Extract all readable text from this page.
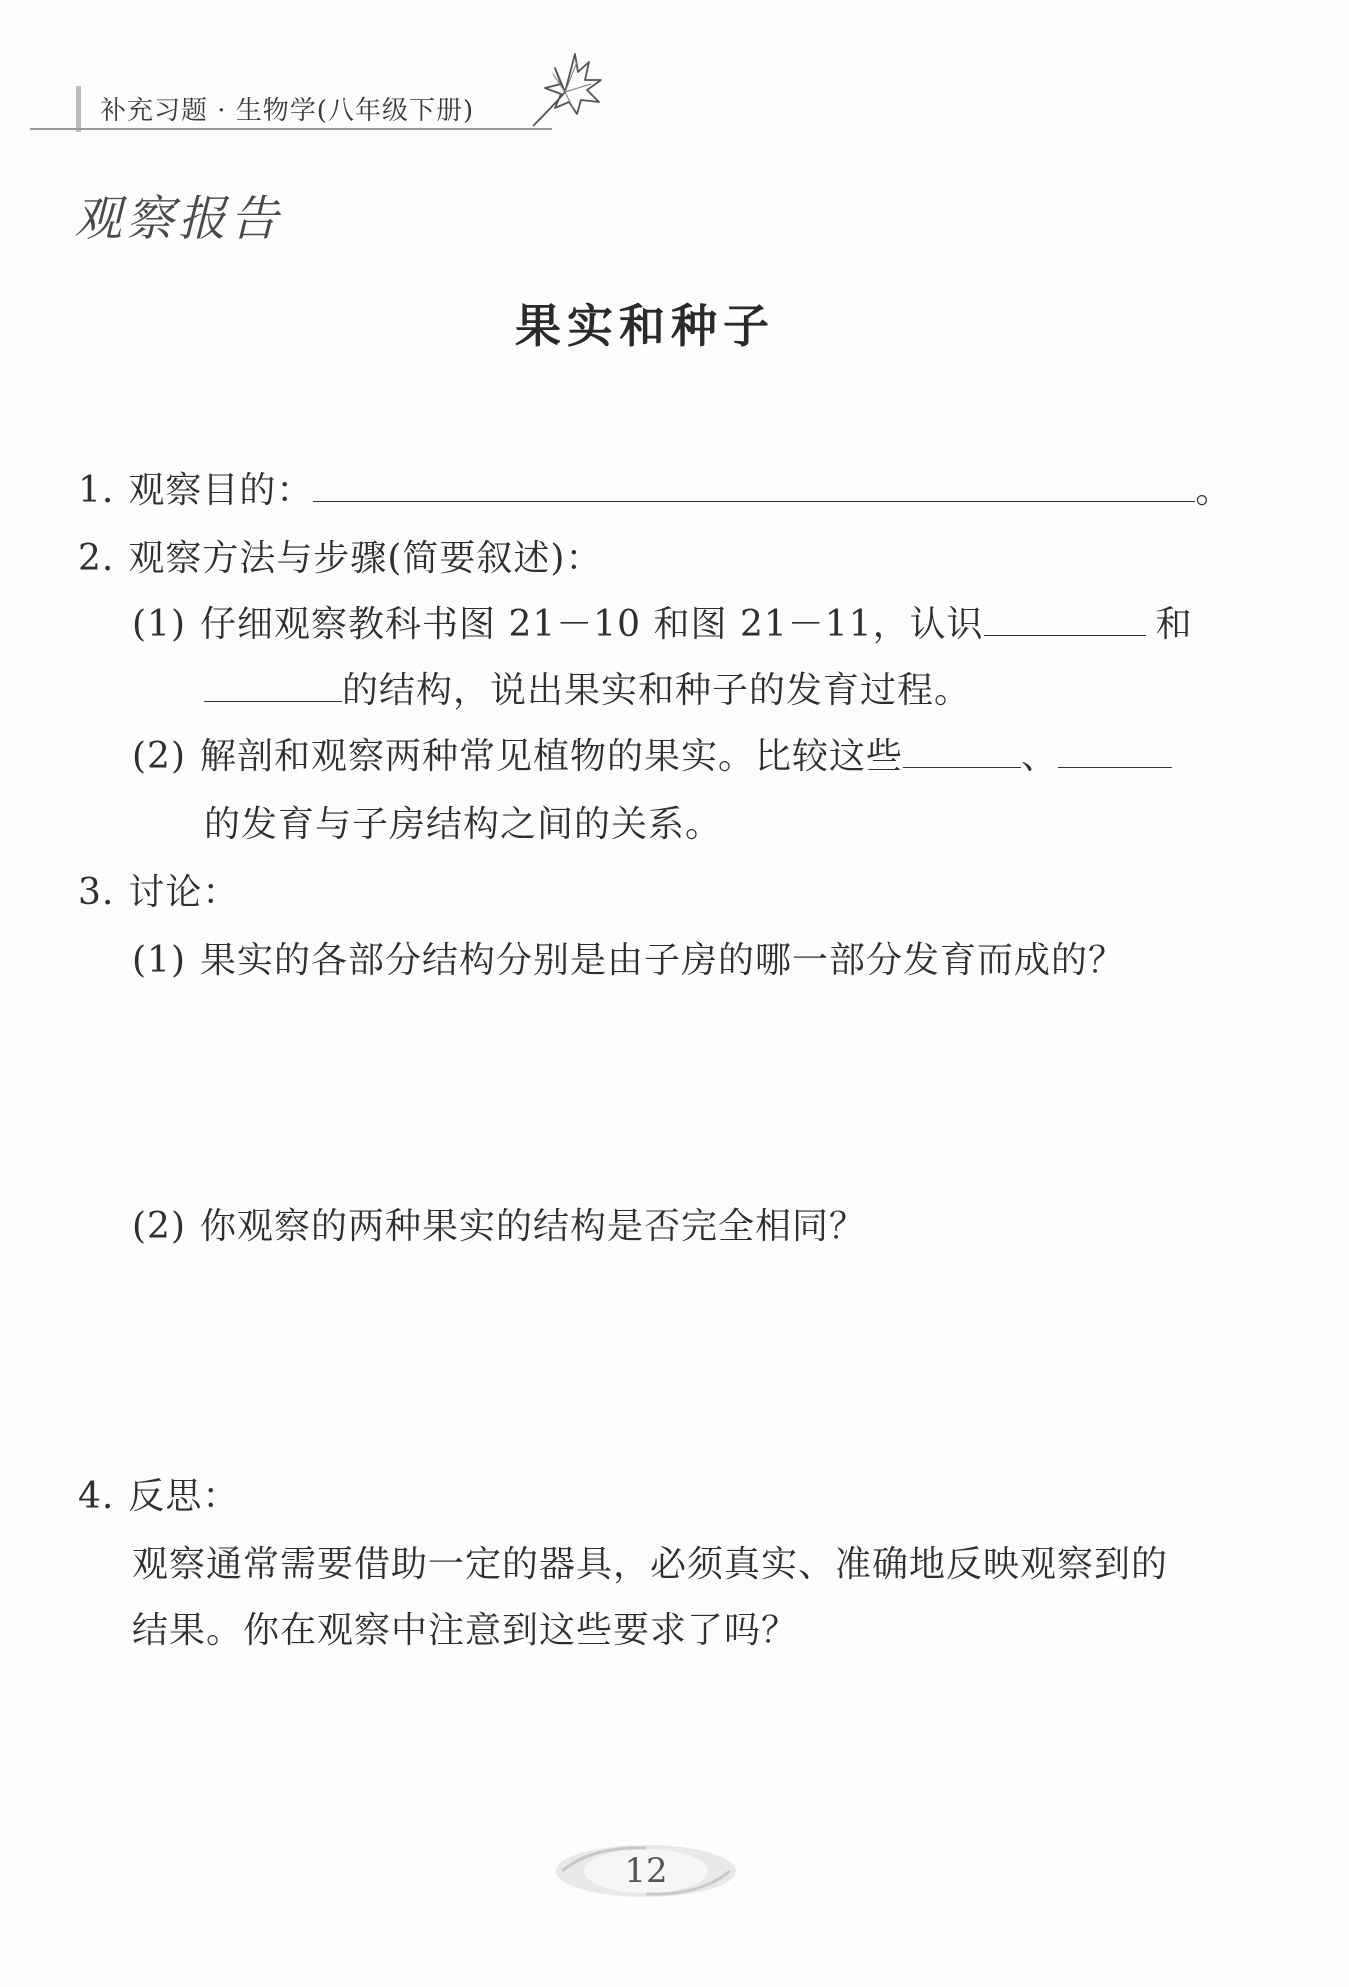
补充习题 · 生物学(八年级下册)
观察报告
果实和种子
1. 观察目的：	。
2. 观察方法与步骤(简要叙述)：
(1) 仔细观察教科书图 21－10 和图 21－11，认识	和
的结构，说出果实和种子的发育过程。
(2) 解剖和观察两种常见植物的果实。比较这些	、
的发育与子房结构之间的关系。
3. 讨论：
(1) 果实的各部分结构分别是由子房的哪一部分发育而成的？
(2) 你观察的两种果实的结构是否完全相同？
4. 反思：
观察通常需要借助一定的器具，必须真实、准确地反映观察到的
结果。你在观察中注意到这些要求了吗？
12
